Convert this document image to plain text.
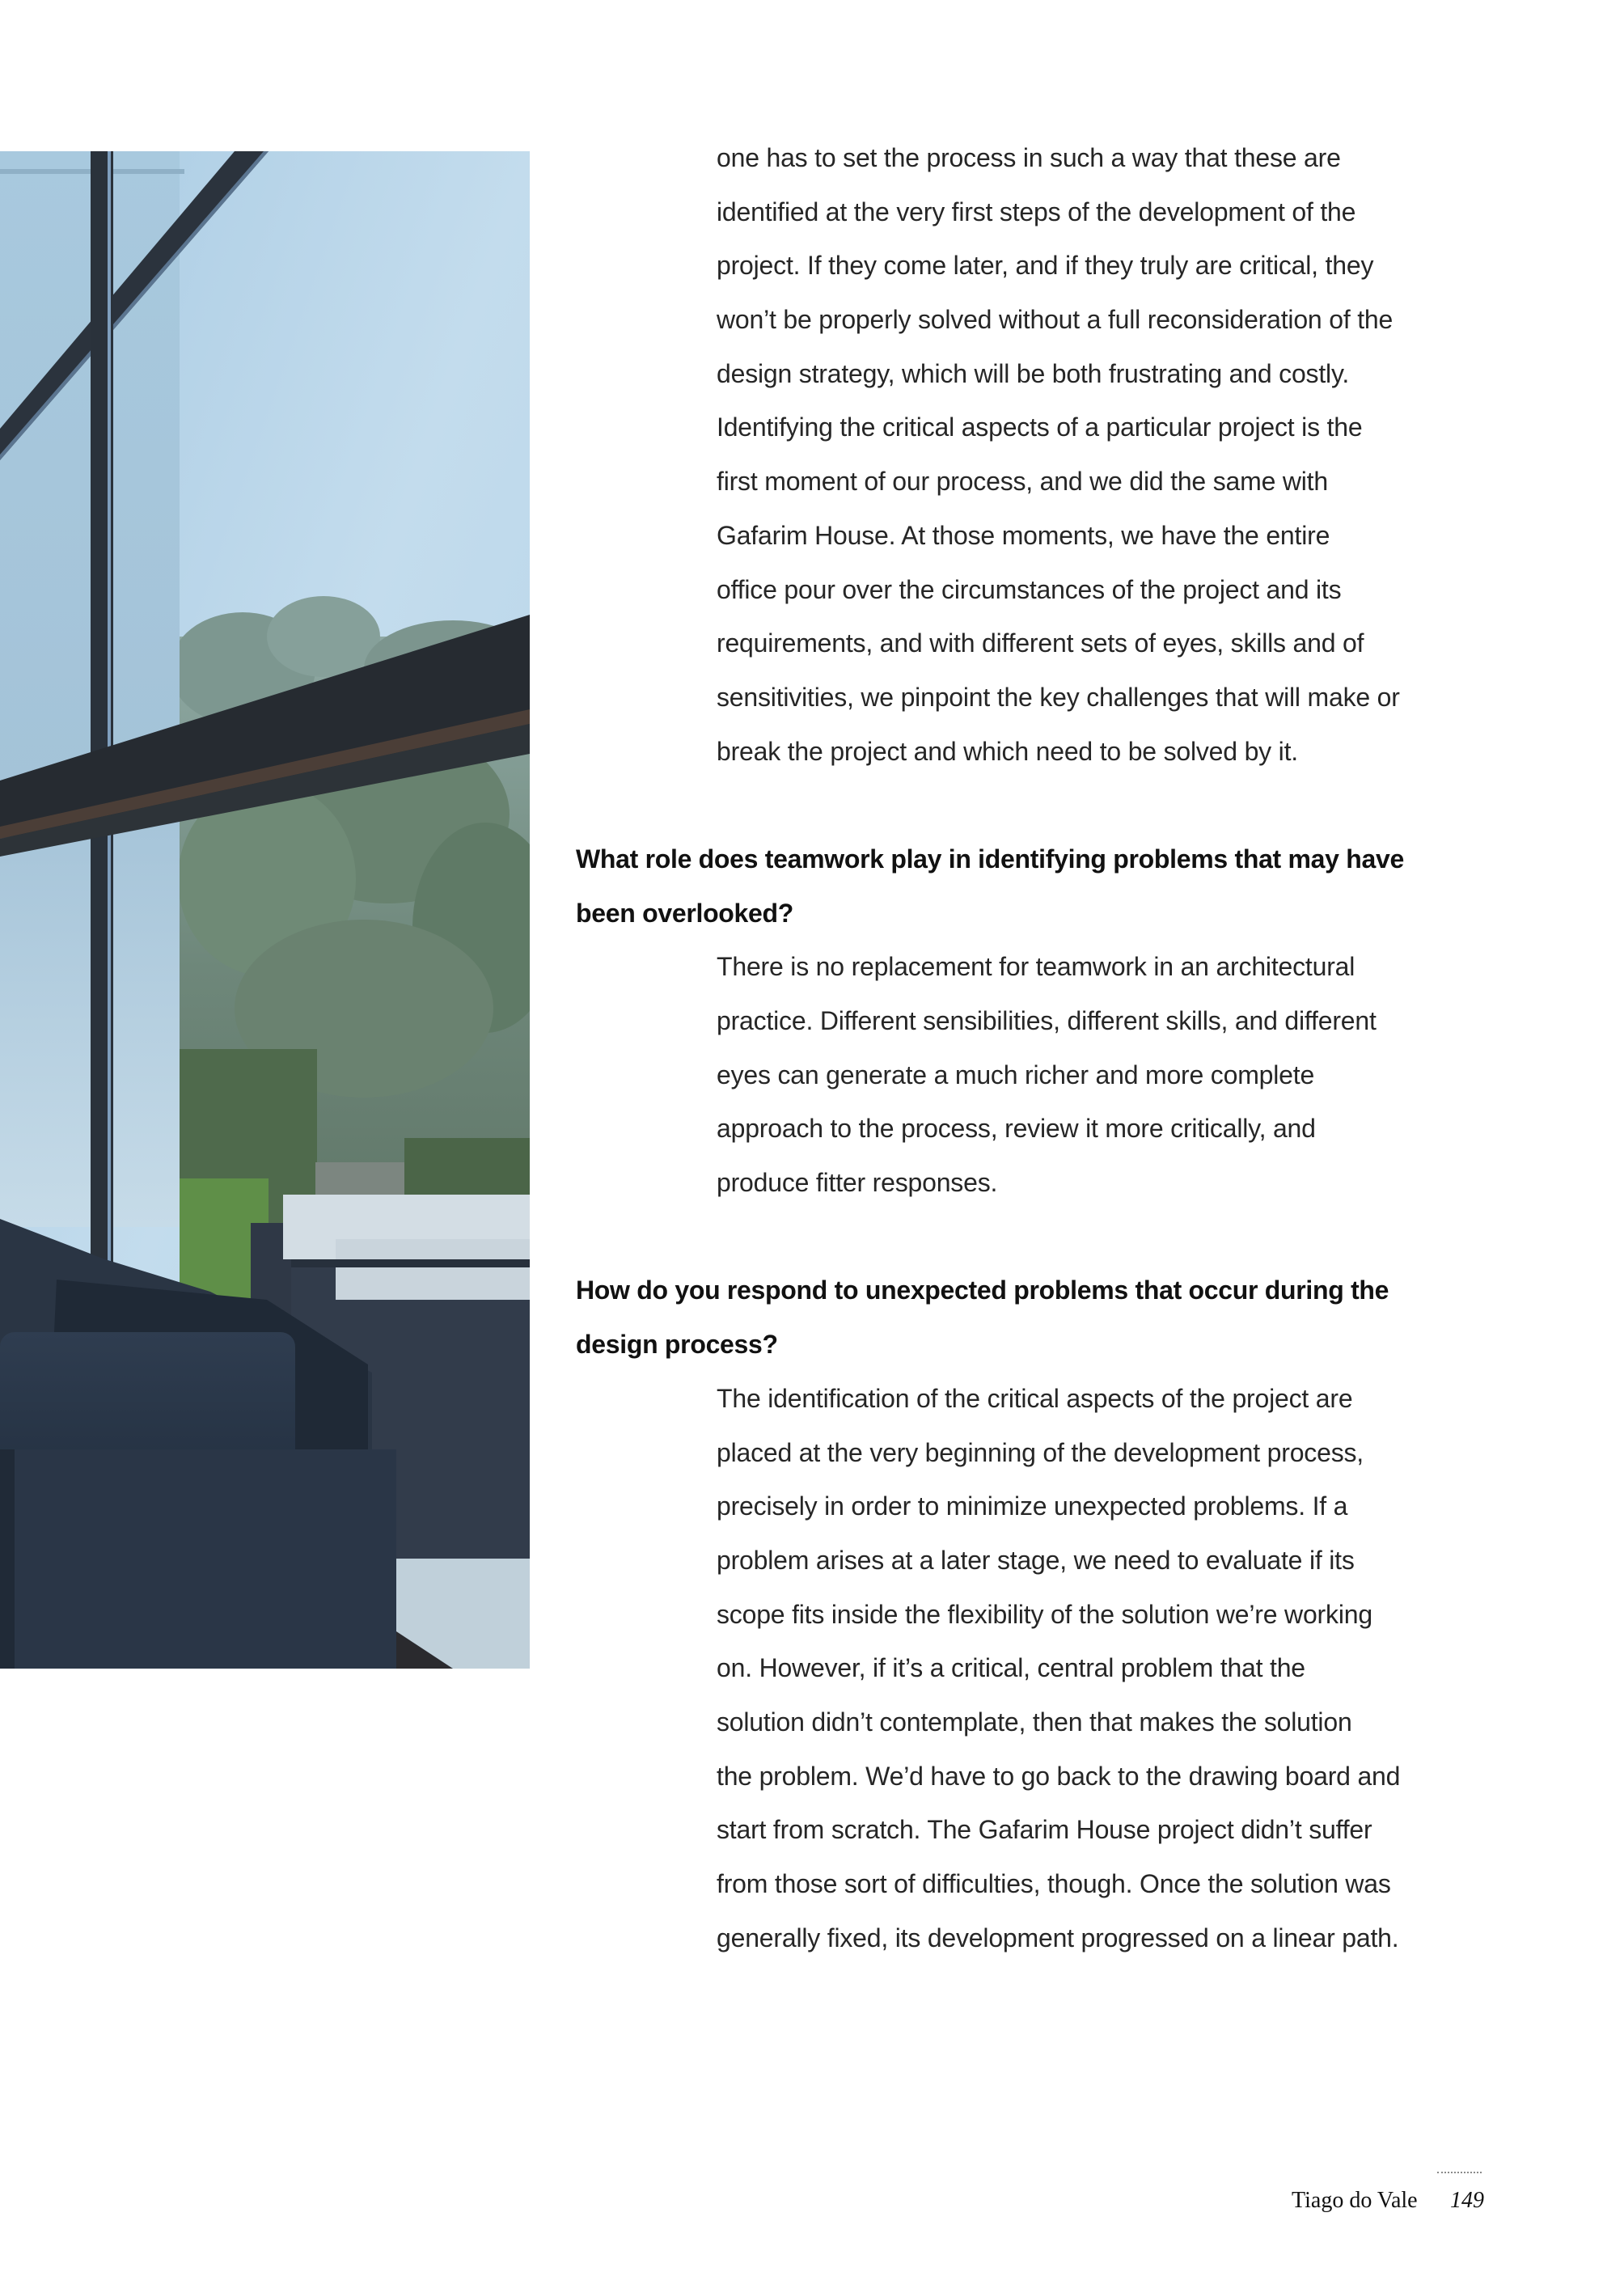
one has to set the process in such a way that these are
identified at the very first steps of the development of the
project. If they come later, and if they truly are critical, they
won’t be properly solved without a full reconsideration of the
design strategy, which will be both frustrating and costly.
Identifying the critical aspects of a particular project is the
first moment of our process, and we did the same with
Gafarim House. At those moments, we have the entire
office pour over the circumstances of the project and its
requirements, and with different sets of eyes, skills and of
sensitivities, we pinpoint the key challenges that will make or
break the project and which need to be solved by it.
What role does teamwork play in identifying problems that may have
been overlooked?
There is no replacement for teamwork in an architectural
practice. Different sensibilities, different skills, and different
eyes can generate a much richer and more complete
approach to the process, review it more critically, and
produce fitter responses.
How do you respond to unexpected problems that occur during the
design process?
The identification of the critical aspects of the project are
placed at the very beginning of the development process,
precisely in order to minimize unexpected problems. If a
problem arises at a later stage, we need to evaluate if its
scope fits inside the flexibility of the solution we’re working
on. However, if it’s a critical, central problem that the
solution didn’t contemplate, then that makes the solution
the problem. We’d have to go back to the drawing board and
start from scratch. The Gafarim House project didn’t suffer
from those sort of difficulties, though. Once the solution was
generally fixed, its development progressed on a linear path.
Tiago do Vale 149
